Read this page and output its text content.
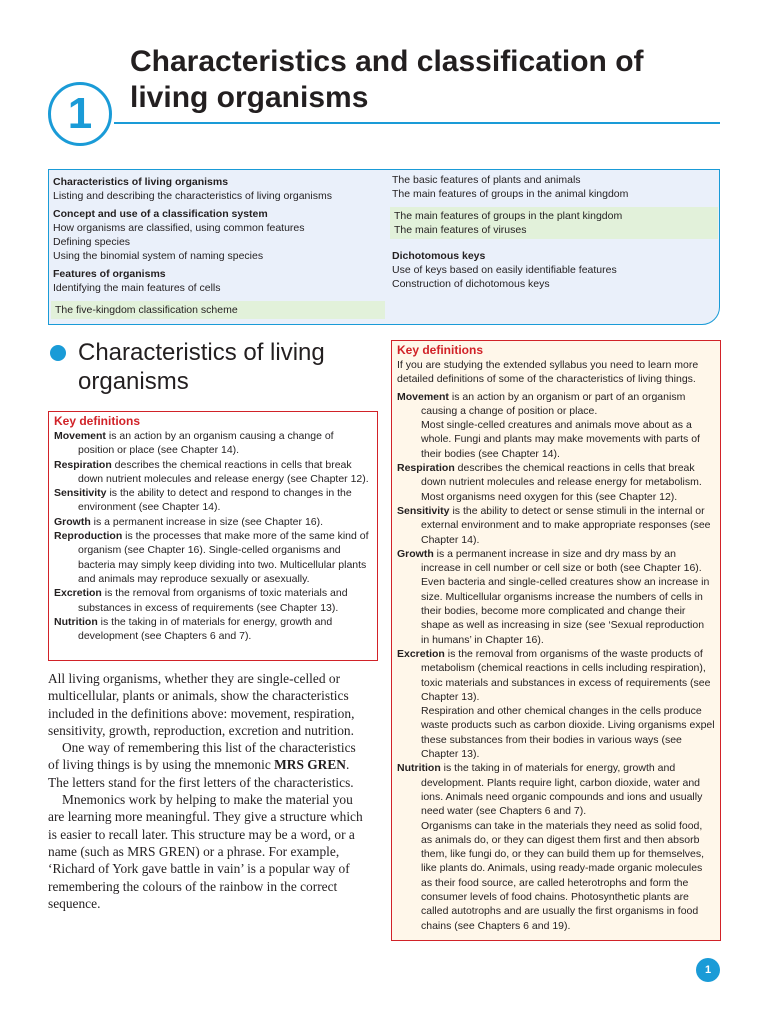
Characteristics and classification of
living organisms
1
Characteristics of living organisms
Listing and describing the characteristics of living organisms
Concept and use of a classification system
How organisms are classified, using common features
Defining species
Using the binomial system of naming species
Features of organisms
Identifying the main features of cells
The five-kingdom classification scheme
The basic features of plants and animals
The main features of groups in the animal kingdom
The main features of groups in the plant kingdom
The main features of viruses
Dichotomous keys
Use of keys based on easily identifiable features
Construction of dichotomous keys
Characteristics of living
organisms
Key definitions
Movement is an action by an organism causing a change of position or place (see Chapter 14).
Respiration describes the chemical reactions in cells that break down nutrient molecules and release energy (see Chapter 12).
Sensitivity is the ability to detect and respond to changes in the environment (see Chapter 14).
Growth is a permanent increase in size (see Chapter 16).
Reproduction is the processes that make more of the same kind of organism (see Chapter 16). Single-celled organisms and bacteria may simply keep dividing into two. Multicellular plants and animals may reproduce sexually or asexually.
Excretion is the removal from organisms of toxic materials and substances in excess of requirements (see Chapter 13).
Nutrition is the taking in of materials for energy, growth and development (see Chapters 6 and 7).
Key definitions
If you are studying the extended syllabus you need to learn more detailed definitions of some of the characteristics of living things.
Movement is an action by an organism or part of an organism causing a change of position or place.
Most single-celled creatures and animals move about as a whole. Fungi and plants may make movements with parts of their bodies (see Chapter 14).
Respiration describes the chemical reactions in cells that break down nutrient molecules and release energy for metabolism.
Most organisms need oxygen for this (see Chapter 12).
Sensitivity is the ability to detect or sense stimuli in the internal or external environment and to make appropriate responses (see Chapter 14).
Growth is a permanent increase in size and dry mass by an increase in cell number or cell size or both (see Chapter 16).
Even bacteria and single-celled creatures show an increase in size. Multicellular organisms increase the numbers of cells in their bodies, become more complicated and change their shape as well as increasing in size (see ‘Sexual reproduction in humans’ in Chapter 16).
Excretion is the removal from organisms of the waste products of metabolism (chemical reactions in cells including respiration), toxic materials and substances in excess of requirements (see Chapter 13).
Respiration and other chemical changes in the cells produce waste products such as carbon dioxide. Living organisms expel these substances from their bodies in various ways (see Chapter 13).
Nutrition is the taking in of materials for energy, growth and development. Plants require light, carbon dioxide, water and ions. Animals need organic compounds and ions and usually need water (see Chapters 6 and 7).
Organisms can take in the materials they need as solid food, as animals do, or they can digest them first and then absorb them, like fungi do, or they can build them up for themselves, like plants do. Animals, using ready-made organic molecules as their food source, are called heterotrophs and form the consumer levels of food chains. Photosynthetic plants are called autotrophs and are usually the first organisms in food chains (see Chapters 6 and 19).

All living organisms, whether they are single-celled or multicellular, plants or animals, show the characteristics included in the definitions above: movement, respiration, sensitivity, growth, reproduction, excretion and nutrition.

One way of remembering this list of the characteristics of living things is by using the mnemonic MRS GREN. The letters stand for the first letters of the characteristics.

Mnemonics work by helping to make the material you are learning more meaningful. They give a structure which is easier to recall later. This structure may be a word, or a name (such as MRS GREN) or a phrase. For example, ‘Richard of York gave battle in vain’ is a popular way of remembering the colours of the rainbow in the correct sequence.

1
